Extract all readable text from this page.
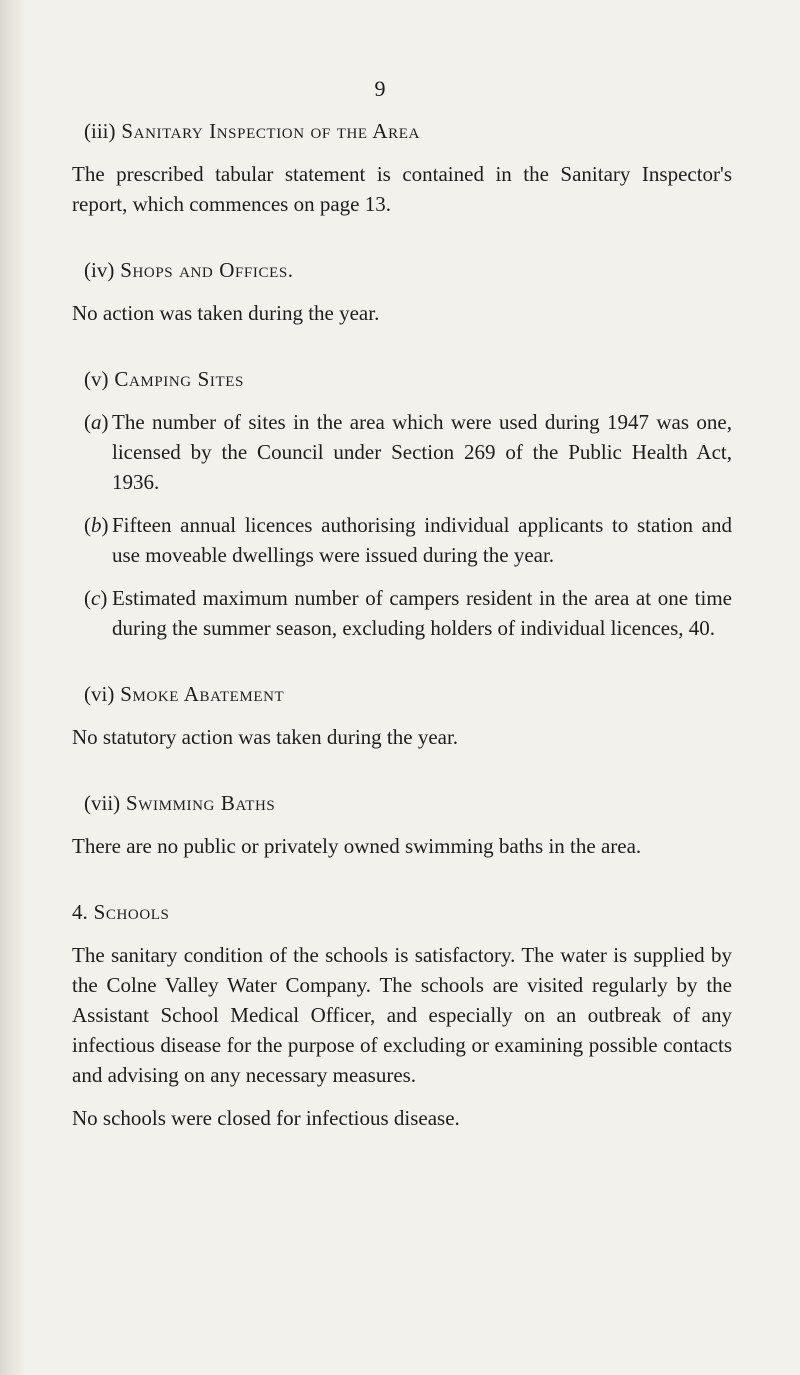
9
(iii) Sanitary Inspection of the Area

The prescribed tabular statement is contained in the Sanitary Inspector's report, which commences on page 13.

(iv) Shops and Offices.

No action was taken during the year.

(v) Camping Sites
(a) The number of sites in the area which were used during 1947 was one, licensed by the Council under Section 269 of the Public Health Act, 1936.
(b) Fifteen annual licences authorising individual applicants to station and use moveable dwellings were issued during the year.
(c) Estimated maximum number of campers resident in the area at one time during the summer season, excluding holders of individual licences, 40.
(vi) Smoke Abatement

No statutory action was taken during the year.

(vii) Swimming Baths

There are no public or privately owned swimming baths in the area.

4. Schools

The sanitary condition of the schools is satisfactory. The water is supplied by the Colne Valley Water Company. The schools are visited regularly by the Assistant School Medical Officer, and especially on an outbreak of any infectious disease for the purpose of excluding or examining possible contacts and advising on any necessary measures.

No schools were closed for infectious disease.
